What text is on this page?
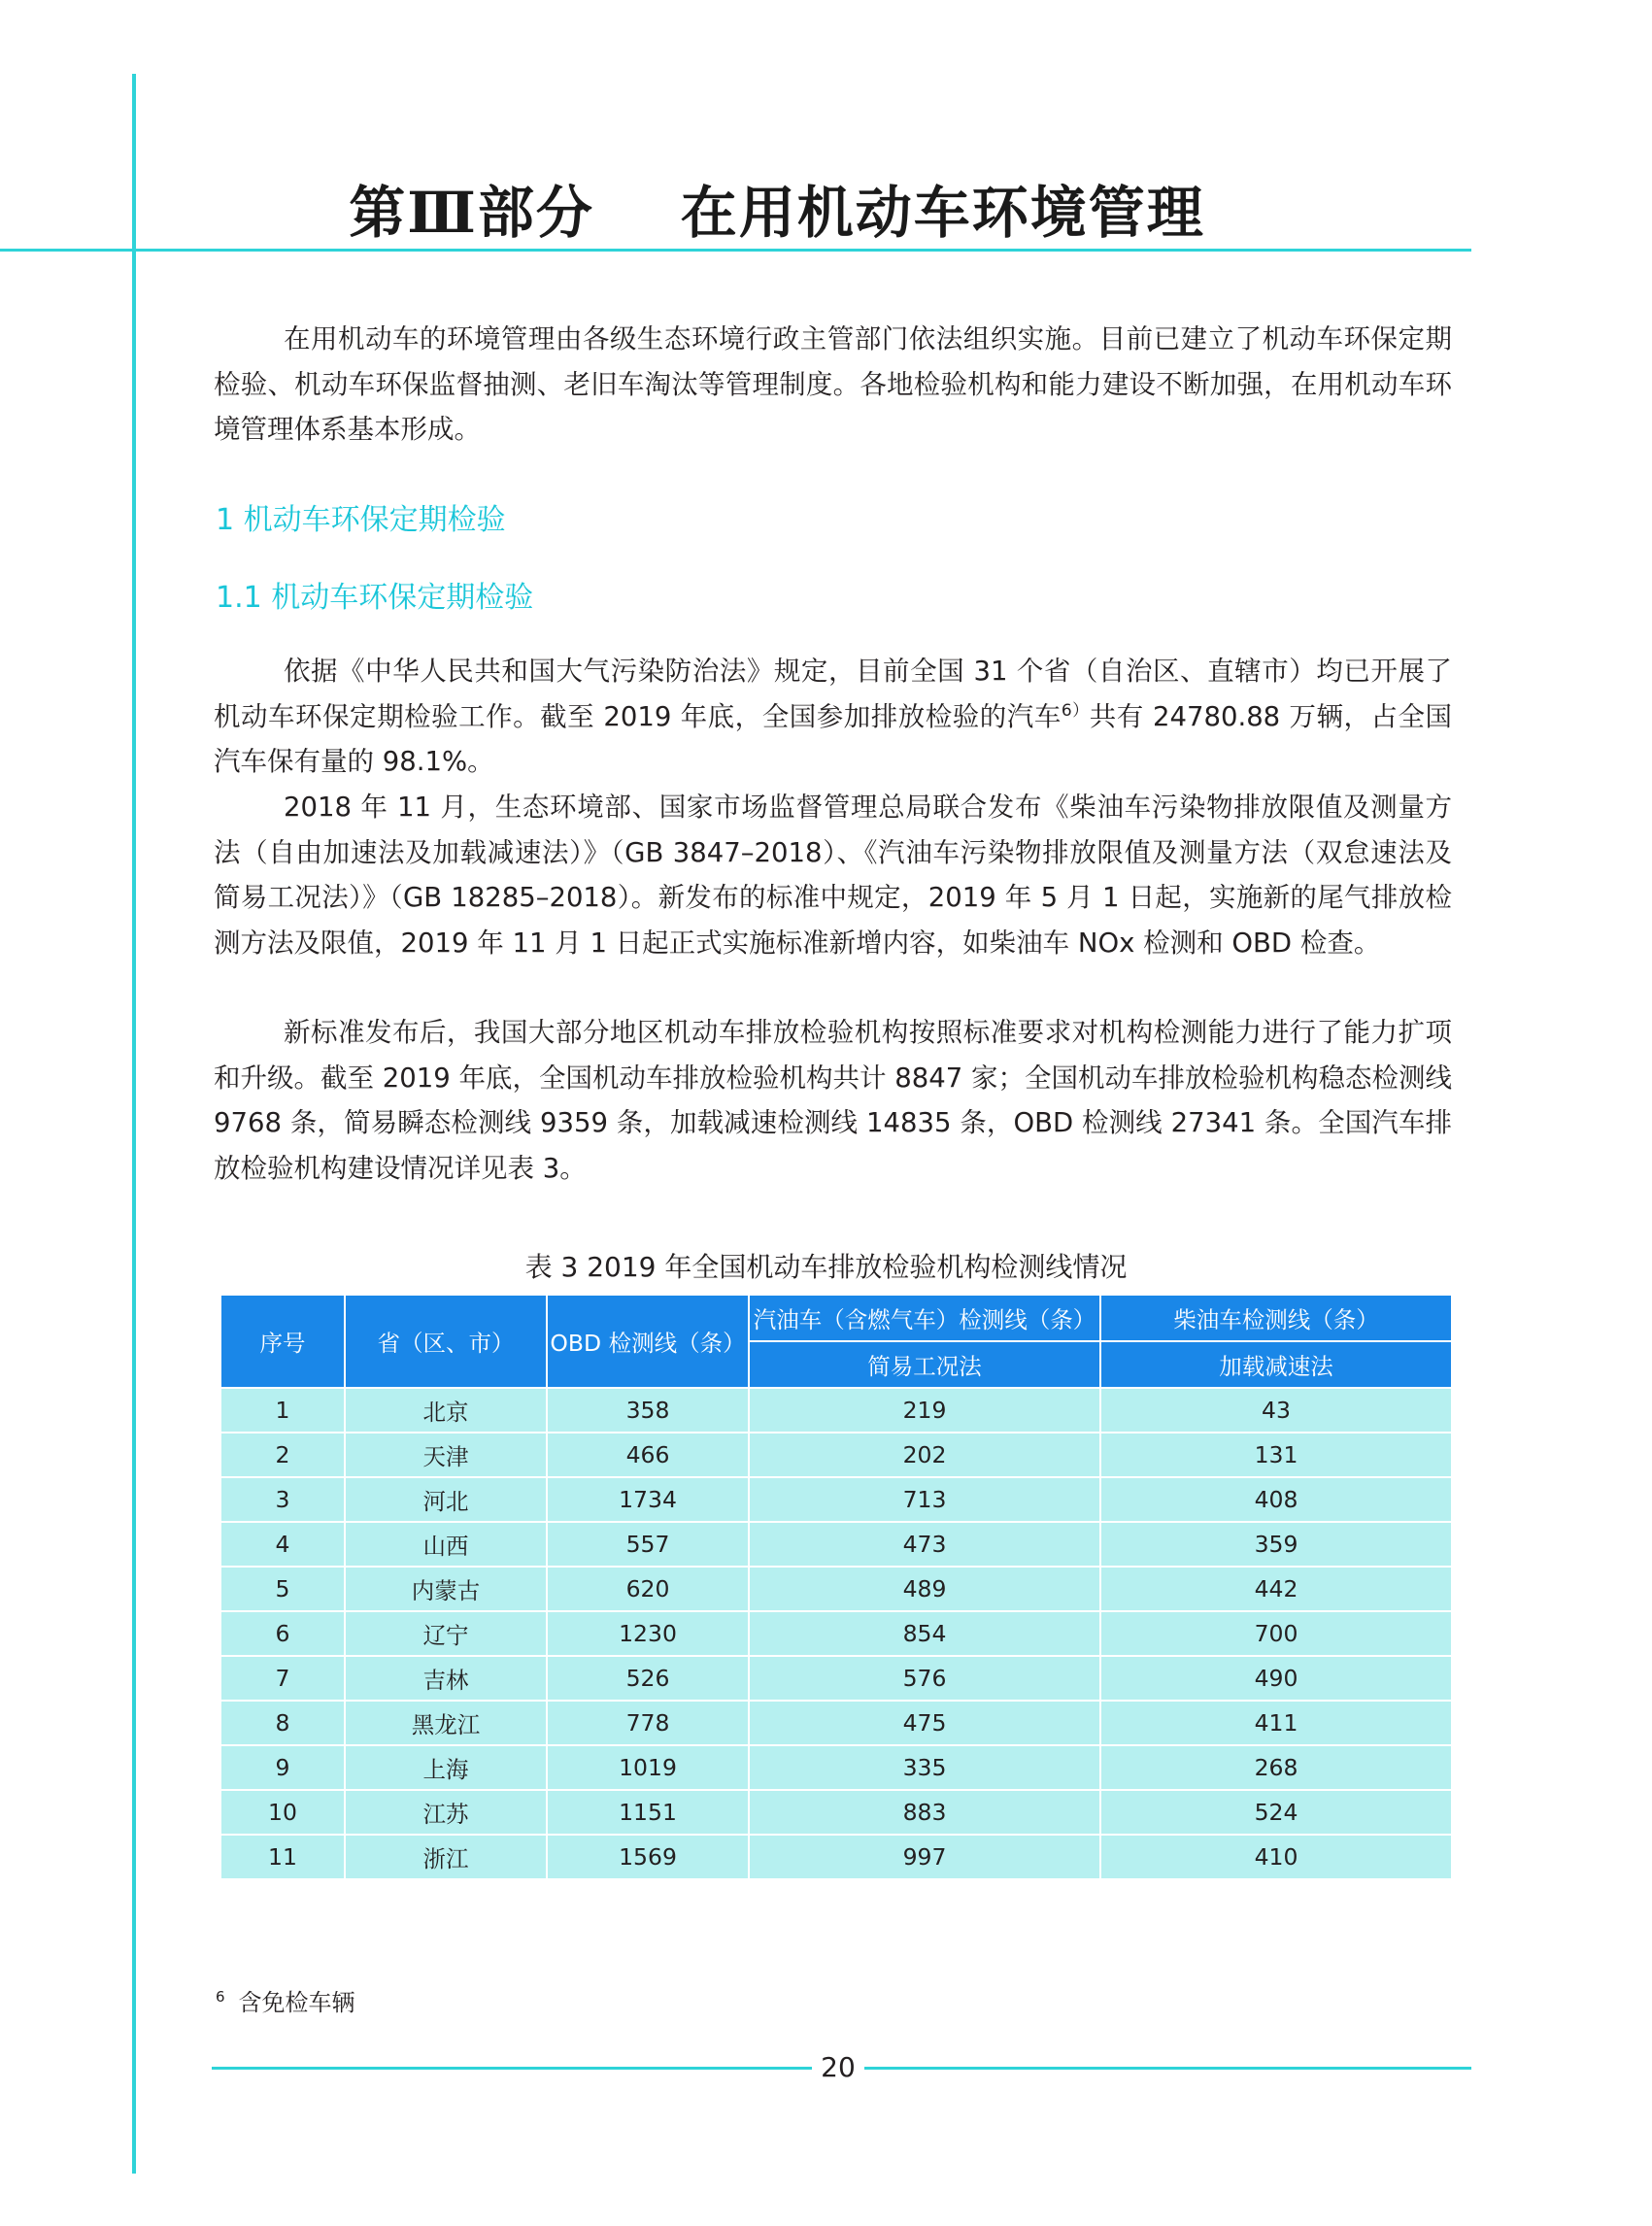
第Ⅲ部分    在用机动车环境管理

在用机动车的环境管理由各级生态环境行政主管部门依法组织实施。目前已建立了机动车环保定期检验、机动车环保监督抽测、老旧车淘汰等管理制度。各地检验机构和能力建设不断加强，在用机动车环境管理体系基本形成。

1 机动车环保定期检验

1.1 机动车环保定期检验

依据《中华人民共和国大气污染防治法》规定，目前全国 31 个省（自治区、直辖市）均已开展了机动车环保定期检验工作。截至 2019 年底，全国参加排放检验的汽车$^{6)}$共有 24780.88 万辆，占全国汽车保有量的 98.1%。

2018 年 11 月，生态环境部、国家市场监督管理总局联合发布《柴油车污染物排放限值及测量方法（自由加速法及加载减速法）》（GB 3847–2018）、《汽油车污染物排放限值及测量方法（双怠速法及简易工况法）》（GB 18285–2018）。新发布的标准中规定，2019 年 5 月 1 日起，实施新的尾气排放检测方法及限值，2019 年 11 月 1 日起正式实施标准新增内容，如柴油车 NOx 检测和 OBD 检查。

新标准发布后，我国大部分地区机动车排放检验机构按照标准要求对机构检测能力进行了能力扩项和升级。截至 2019 年底，全国机动车排放检验机构共计 8847 家；全国机动车排放检验机构稳态检测线 9768 条，简易瞬态检测线 9359 条，加载减速检测线 14835 条，OBD 检测线 27341 条。全国汽车排放检验机构建设情况详见表 3。

表 3 2019 年全国机动车排放检验机构检测线情况
序号	省（区、市）	OBD 检测线（条）	汽油车（含燃气车）检测线（条）	柴油车检测线（条）
			简易工况法	加载减速法
1	北京	358	219	43
2	天津	466	202	131
3	河北	1734	713	408
4	山西	557	473	359
5	内蒙古	620	489	442
6	辽宁	1230	854	700
7	吉林	526	576	490
8	黑龙江	778	475	411
9	上海	1019	335	268
10	江苏	1151	883	524
11	浙江	1569	997	410
$^6$ 含免检车辆
20
